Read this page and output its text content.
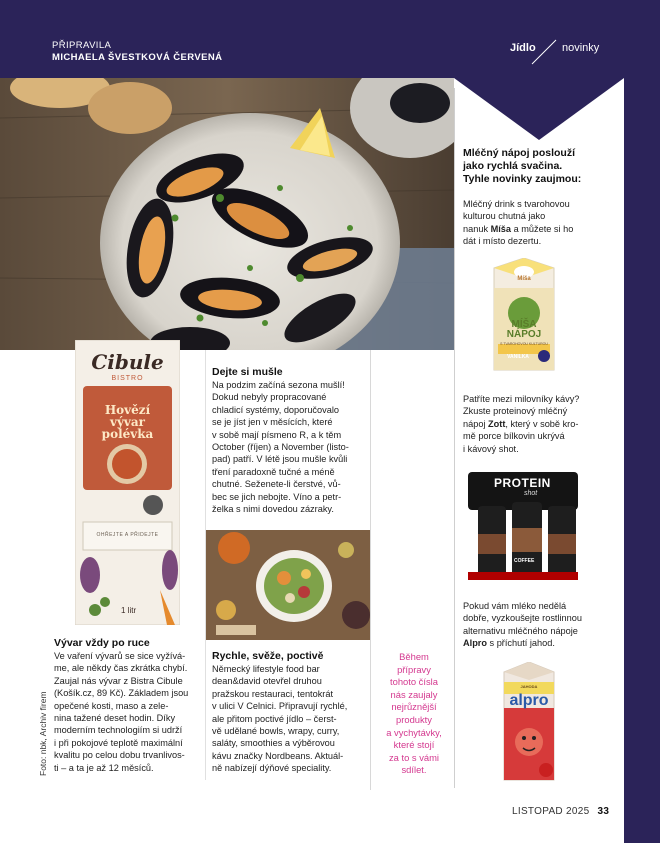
PŘIPRAVILA
MICHAELA ŠVESTKOVÁ ČERVENÁ
Jídlo novinky
Cibule
BISTRO
Hovězí
vývar
polévka
OHŘEJTE A PŘIDEJTE
1 litr
Dejte si mušle
Na podzim začíná sezona mušlí!
Dokud nebyly propracované
chladicí systémy, doporučovalo
se je jíst jen v měsících, které
v sobě mají písmeno R, a k těm
October (říjen) a November (listo-
pad) patří. V létě jsou mušle kvůli
tření paradoxně tučné a méně
chutné. Seženete-li čerstvé, vů-
bec se jich nebojte. Víno a petr-
želka s nimi dovedou zázraky.
Vývar vždy po ruce
Ve vaření vývarů se sice vyžívá-
me, ale někdy čas zkrátka chybí.
Zaujal nás vývar z Bistra Cibule
(Košík.cz, 89 Kč). Základem jsou
opečené kosti, maso a zele-
nina tažené deset hodin. Díky
moderním technologiím si udrží
i při pokojové teplotě maximální
kvalitu po celou dobu trvanlivos-
ti – a ta je až 12 měsíců.
Rychle, svěže, poctivě
Německý lifestyle food bar
dean&david otevřel druhou
pražskou restauraci, tentokrát
v ulici V Celnici. Připravují rychlé,
ale přitom poctivé jídlo – čerst-
vě udělané bowls, wrapy, curry,
saláty, smoothies a výběrovou
kávu značky Nordbeans. Aktuál-
ně nabízejí dýňové speciality.
Během
přípravy
tohoto čísla
nás zaujaly
nejrůznější
produkty
a vychytávky,
které stojí
za to s vámi
sdílet.
Mléčný nápoj poslouží
jako rychlá svačina.
Tyhle novinky zaujmou:
Mléčný drink s tvarohovou
kulturou chutná jako
nanuk Míša a můžete si ho
dát i místo dezertu.
Míša
MÍŠA
NÁPOJ
S TVAROHOVOU KULTUROU
VANILKA
Patříte mezi milovníky kávy?
Zkuste proteinový mléčný
nápoj Zott, který v sobě kro-
mě porce bílkovin ukrývá
i kávový shot.
PROTEIN
shot
COFFEE
Pokud vám mléko nedělá
dobře, vyzkoušejte rostlinnou
alternativu mléčného nápoje
Alpro s příchutí jahod.
alpro
JAHODA
Foto: nbk, Archiv firem
LISTOPAD 2025 33
